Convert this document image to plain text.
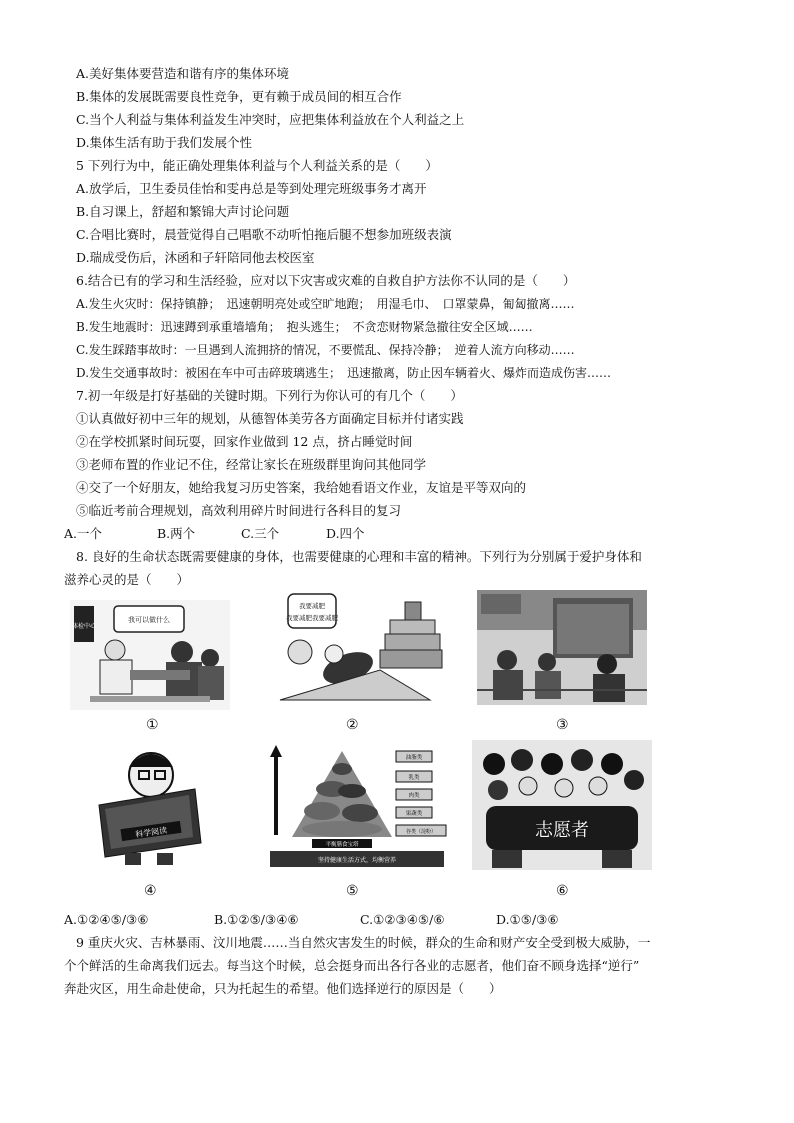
A.美好集体要营造和谐有序的集体环境
B.集体的发展既需要良性竞争，更有赖于成员间的相互合作
C.当个人利益与集体利益发生冲突时，应把集体利益放在个人利益之上
D.集体生活有助于我们发展个性
5 下列行为中，能正确处理集体利益与个人利益关系的是（　　）
A.放学后，卫生委员佳怡和雯冉总是等到处理完班级事务才离开
B.自习课上，舒超和繁锦大声讨论问题
C.合唱比赛时，晨萱觉得自己唱歌不动听怕拖后腿不想参加班级表演
D.瑞成受伤后，沐函和子轩陪同他去校医室
6.结合已有的学习和生活经验，应对以下灾害或灾难的自救自护方法你不认同的是（　　）
A.发生火灾时：保持镇静；　迅速朝明亮处或空旷地跑；　用湿毛巾、　口罩蒙鼻，匍匐撤离……
B.发生地震时：迅速蹲到承重墙墙角；　抱头逃生；　不贪恋财物紧急撤往安全区域……
C.发生踩踏事故时：一旦遇到人流拥挤的情况，不要慌乱、保持冷静；　逆着人流方向移动……
D.发生交通事故时：被困在车中可击碎玻璃逃生；　迅速撤离，防止因车辆着火、爆炸而造成伤害……
7.初一年级是打好基础的关键时期。下列行为你认可的有几个（　　）
①认真做好初中三年的规划，从德智体美劳各方面确定目标并付诸实践
②在学校抓紧时间玩耍，回家作业做到 12 点，挤占睡觉时间
③老师布置的作业记不住，经常让家长在班级群里询问其他同学
④交了一个好朋友，她给我复习历史答案，我给她看语文作业，友谊是平等双向的
⑤临近考前合理规划，高效利用碎片时间进行各科目的复习
A.一个	B.两个	C.三个	D.四个
8. 良好的生命状态既需要健康的身体，也需要健康的心理和丰富的精神。下列行为分别属于爱护身体和
滋养心灵的是（　　）
体检中心
我可以做什么
①
我要减肥
我要减肥我要减肥
②	③
科学阅读
④
油脂类
乳类
肉类
果蔬类
谷类（淀粉）
平衡膳食宝塔
坚持健康生活方式，均衡营养
⑤
志愿者
⑥
A.①②④⑤/③⑥	B.①②⑤/③④⑥	C.①②③④⑤/⑥	D.①⑤/③⑥
9 重庆火灾、吉林暴雨、汶川地震……当自然灾害发生的时候，群众的生命和财产安全受到极大威胁，一
个个鲜活的生命离我们远去。每当这个时候，总会挺身而出各行各业的志愿者，他们奋不顾身选择“逆行”
奔赴灾区，用生命赴使命，只为托起生的希望。他们选择逆行的原因是（　　）
